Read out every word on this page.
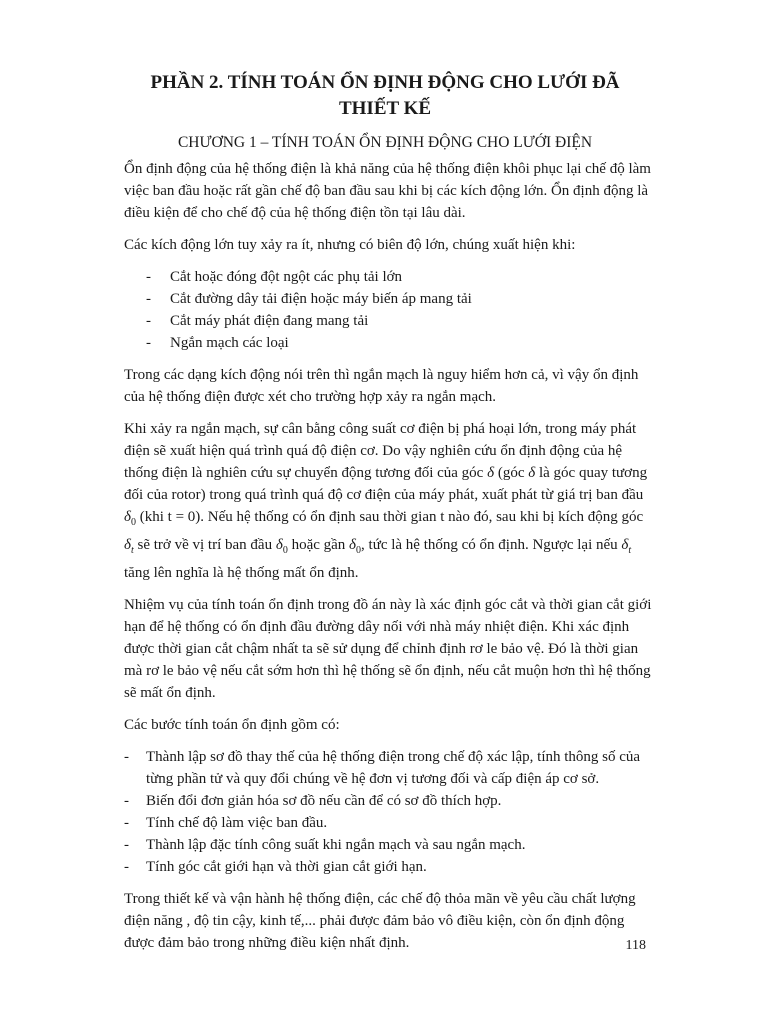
PHẦN 2. TÍNH TOÁN ỔN ĐỊNH ĐỘNG CHO LƯỚI ĐÃ THIẾT KẾ
CHƯƠNG 1 – TÍNH TOÁN ỔN ĐỊNH ĐỘNG CHO LƯỚI ĐIỆN

Ổn định động của hệ thống điện là khả năng của hệ thống điện khôi phục lại chế độ làm việc ban đầu hoặc rất gần chế độ ban đầu sau khi bị các kích động lớn. Ổn định động là điều kiện để cho chế độ của hệ thống điện tồn tại lâu dài.

Các kích động lớn tuy xảy ra ít, nhưng có biên độ lớn, chúng xuất hiện khi:

- Cắt hoặc đóng đột ngột các phụ tải lớn
- Cắt đường dây tải điện hoặc máy biến áp mang tải
- Cắt máy phát điện đang mang tải
- Ngắn mạch các loại

Trong các dạng kích động nói trên thì ngắn mạch là nguy hiểm hơn cả, vì vậy ổn định của hệ thống điện được xét cho trường hợp xảy ra ngắn mạch.

Khi xảy ra ngắn mạch, sự cân bằng công suất cơ điện bị phá hoại lớn, trong máy phát điện sẽ xuất hiện quá trình quá độ điện cơ. Do vậy nghiên cứu ổn định động của hệ thống điện là nghiên cứu sự chuyển động tương đối của góc δ (góc δ là góc quay tương đối của rotor) trong quá trình quá độ cơ điện của máy phát, xuất phát từ giá trị ban đầu $\delta_0$ (khi t = 0). Nếu hệ thống có ổn định sau thời gian t nào đó, sau khi bị kích động góc $\delta_t$ sẽ trở về vị trí ban đầu $\delta_0$ hoặc gần $\delta_0$, tức là hệ thống có ổn định. Ngược lại nếu $\delta_t$ tăng lên nghĩa là hệ thống mất ổn định.

Nhiệm vụ của tính toán ổn định trong đồ án này là xác định góc cắt và thời gian cắt giới hạn để hệ thống có ổn định đầu đường dây nối với nhà máy nhiệt điện. Khi xác định được thời gian cắt chậm nhất ta sẽ sử dụng để chỉnh định rơ le bảo vệ. Đó là thời gian mà rơ le bảo vệ nếu cắt sớm hơn thì hệ thống sẽ ổn định, nếu cắt muộn hơn thì hệ thống sẽ mất ổn định.

Các bước tính toán ổn định gồm có:

- Thành lập sơ đồ thay thế của hệ thống điện trong chế độ xác lập, tính thông số của từng phần tử và quy đổi chúng về hệ đơn vị tương đối và cấp điện áp cơ sở.
- Biến đổi đơn giản hóa sơ đồ nếu cần để có sơ đồ thích hợp.
- Tính chế độ làm việc ban đầu.
- Thành lập đặc tính công suất khi ngắn mạch và sau ngắn mạch.
- Tính góc cắt giới hạn và thời gian cắt giới hạn.

Trong thiết kế và vận hành hệ thống điện, các chế độ thỏa mãn về yêu cầu chất lượng điện năng , độ tin cậy, kinh tế,... phải được đảm bảo vô điều kiện, còn ổn định động được đảm bảo trong những điều kiện nhất định.	118
